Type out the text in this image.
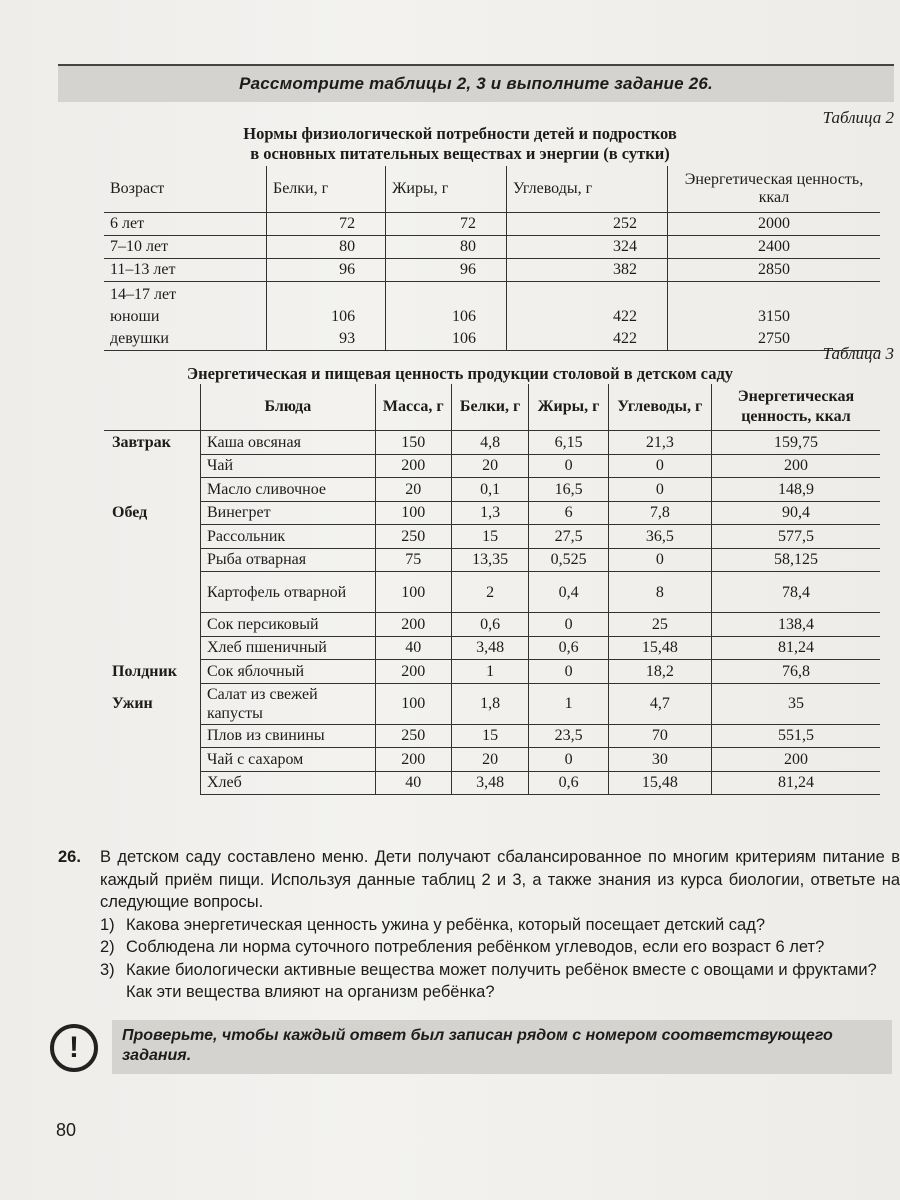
Рассмотрите таблицы 2, 3 и выполните задание 26.
Таблица 2
Нормы физиологической потребности детей и подростков
в основных питательных веществах и энергии (в сутки)
Возраст	Белки, г	Жиры, г	Углеводы, г	Энергетическая ценность, ккал
6 лет	72	72	252	2000
7–10 лет	80	80	324	2400
11–13 лет	96	96	382	2850
14–17 лет				
юноши	106	106	422	3150
девушки	93	106	422	2750
Таблица 3
Энергетическая и пищевая ценность продукции столовой в детском саду
	Блюда	Масса, г	Белки, г	Жиры, г	Углеводы, г	Энергетическая ценность, ккал
Завтрак	Каша овсяная	150	4,8	6,15	21,3	159,75
	Чай	200	20	0	0	200
	Масло сливочное	20	0,1	16,5	0	148,9
Обед	Винегрет	100	1,3	6	7,8	90,4
	Рассольник	250	15	27,5	36,5	577,5
	Рыба отварная	75	13,35	0,525	0	58,125
	Картофель отварной	100	2	0,4	8	78,4
	Сок персиковый	200	0,6	0	25	138,4
	Хлеб пшеничный	40	3,48	0,6	15,48	81,24
Полдник	Сок яблочный	200	1	0	18,2	76,8
Ужин	Салат из свежей капусты	100	1,8	1	4,7	35
	Плов из свинины	250	15	23,5	70	551,5
	Чай с сахаром	200	20	0	30	200
	Хлеб	40	3,48	0,6	15,48	81,24
26. В детском саду составлено меню. Дети получают сбалансированное по многим критериям питание в каждый приём пищи. Используя данные таблиц 2 и 3, а также знания из курса биологии, ответьте на следующие вопросы.
1) Какова энергетическая ценность ужина у ребёнка, который посещает детский сад?
2) Соблюдена ли норма суточного потребления ребёнком углеводов, если его возраст 6 лет?
3) Какие биологически активные вещества может получить ребёнок вместе с овощами и фруктами? Как эти вещества влияют на организм ребёнка?
!	Проверьте, чтобы каждый ответ был записан рядом с номером соответствующего задания.
80
